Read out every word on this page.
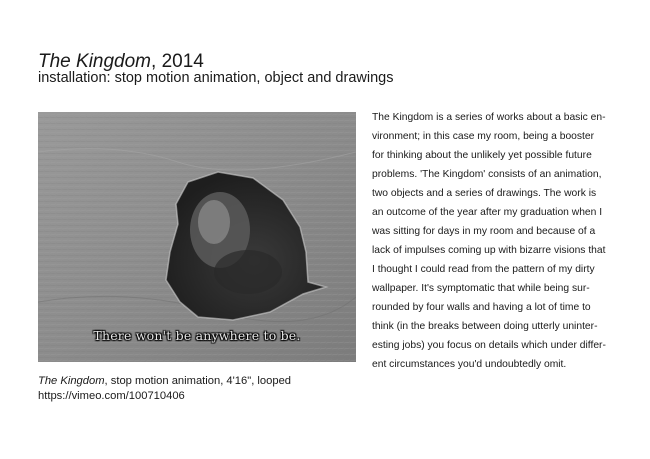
The Kingdom, 2014

installation: stop motion animation, object and drawings

There won't be anywhere to be.
The Kingdom, stop motion animation, 4'16", looped
https://vimeo.com/100710406
The Kingdom is a series of works about a basic en-
vironment; in this case my room, being a booster
for thinking about the unlikely yet possible future
problems. 'The Kingdom' consists of an animation,
two objects and a series of drawings. The work is
an outcome of the year after my graduation when I
was sitting for days in my room and because of a
lack of impulses coming up with bizarre visions that
I thought I could read from the pattern of my dirty
wallpaper. It's symptomatic that while being sur-
rounded by four walls and having a lot of time to
think (in the breaks between doing utterly uninter-
esting jobs) you focus on details which under differ-
ent circumstances you'd undoubtedly omit.
